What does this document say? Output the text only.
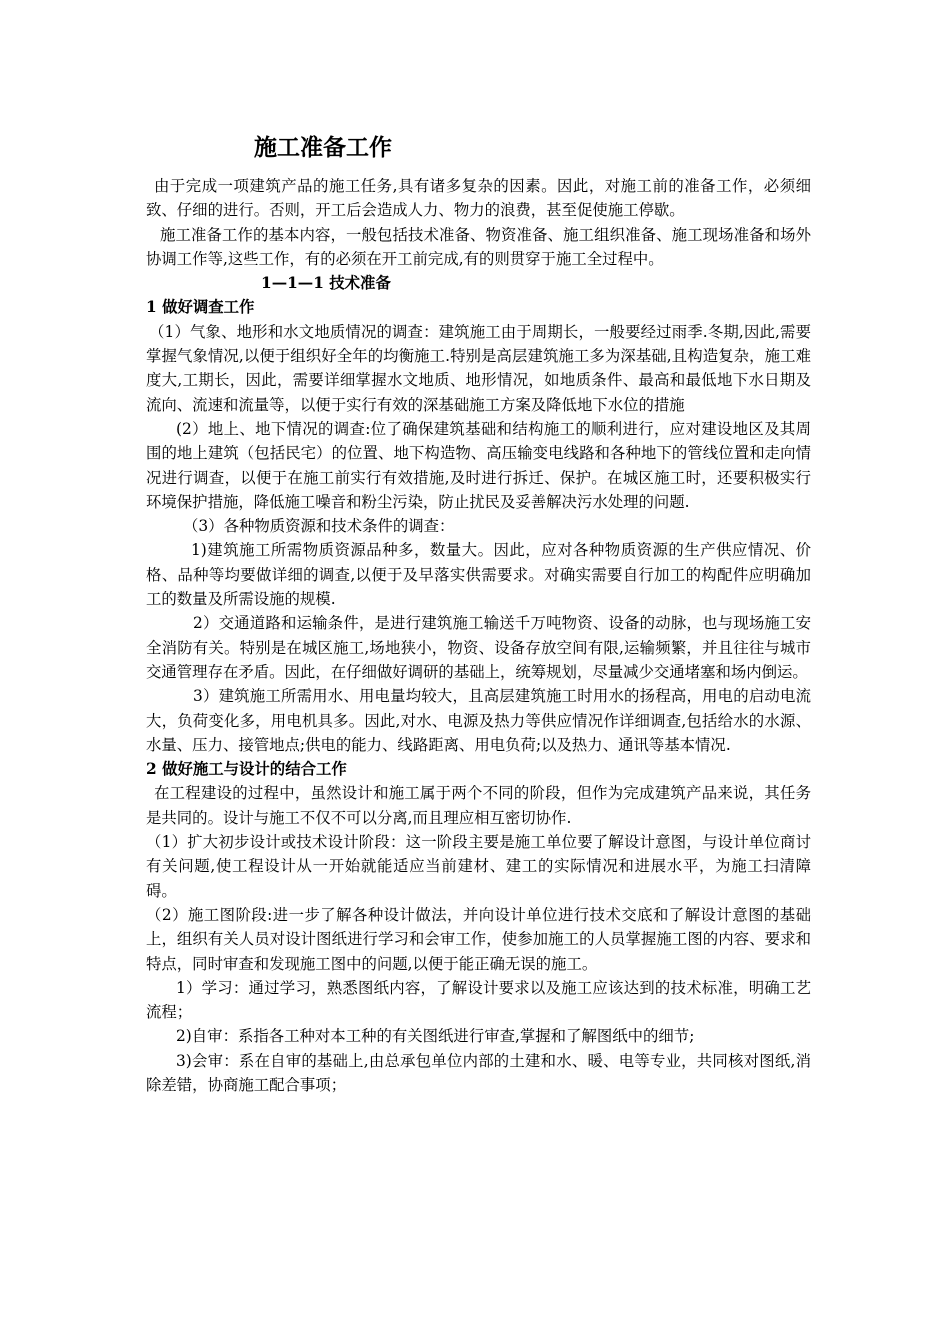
施工准备工作

由于完成一项建筑产品的施工任务,具有诸多复杂的因素。因此，对施工前的准备工作，必须细致、仔细的进行。否则，开工后会造成人力、物力的浪费，甚至促使施工停歇。

施工准备工作的基本内容，一般包括技术准备、物资准备、施工组织准备、施工现场准备和场外协调工作等,这些工作，有的必须在开工前完成,有的则贯穿于施工全过程中。

1—1—1 技术准备

1 做好调查工作

（1）气象、地形和水文地质情况的调查：建筑施工由于周期长，一般要经过雨季.冬期,因此,需要掌握气象情况,以便于组织好全年的均衡施工.特别是高层建筑施工多为深基础,且构造复杂，施工难度大,工期长，因此，需要详细掌握水文地质、地形情况，如地质条件、最高和最低地下水日期及流向、流速和流量等，以便于实行有效的深基础施工方案及降低地下水位的措施

(2）地上、地下情况的调查:位了确保建筑基础和结构施工的顺利进行，应对建设地区及其周围的地上建筑（包括民宅）的位置、地下构造物、高压输变电线路和各种地下的管线位置和走向情况进行调查，以便于在施工前实行有效措施,及时进行拆迁、保护。在城区施工时，还要积极实行环境保护措施，降低施工噪音和粉尘污染，防止扰民及妥善解决污水处理的问题.

（3）各种物质资源和技术条件的调查：

1)建筑施工所需物质资源品种多，数量大。因此，应对各种物质资源的生产供应情况、价格、品种等均要做详细的调查,以便于及早落实供需要求。对确实需要自行加工的构配件应明确加工的数量及所需设施的规模.

2）交通道路和运输条件，是进行建筑施工输送千万吨物资、设备的动脉，也与现场施工安全消防有关。特别是在城区施工,场地狭小，物资、设备存放空间有限,运输频繁，并且往往与城市交通管理存在矛盾。因此，在仔细做好调研的基础上，统筹规划，尽量减少交通堵塞和场内倒运。

3）建筑施工所需用水、用电量均较大，且高层建筑施工时用水的扬程高，用电的启动电流大，负荷变化多，用电机具多。因此,对水、电源及热力等供应情况作详细调查,包括给水的水源、水量、压力、接管地点;供电的能力、线路距离、用电负荷;以及热力、通讯等基本情况.

2 做好施工与设计的结合工作

在工程建设的过程中，虽然设计和施工属于两个不同的阶段，但作为完成建筑产品来说，其任务是共同的。设计与施工不仅不可以分离,而且理应相互密切协作.

（1）扩大初步设计或技术设计阶段：这一阶段主要是施工单位要了解设计意图，与设计单位商讨有关问题,使工程设计从一开始就能适应当前建材、建工的实际情况和进展水平，为施工扫清障碍。

（2）施工图阶段:进一步了解各种设计做法，并向设计单位进行技术交底和了解设计意图的基础上，组织有关人员对设计图纸进行学习和会审工作，使参加施工的人员掌握施工图的内容、要求和特点，同时审查和发现施工图中的问题,以便于能正确无误的施工。

1）学习：通过学习，熟悉图纸内容，了解设计要求以及施工应该达到的技术标准，明确工艺流程；

2)自审：系指各工种对本工种的有关图纸进行审查,掌握和了解图纸中的细节;

3)会审：系在自审的基础上,由总承包单位内部的土建和水、暖、电等专业，共同核对图纸,消除差错，协商施工配合事项；
